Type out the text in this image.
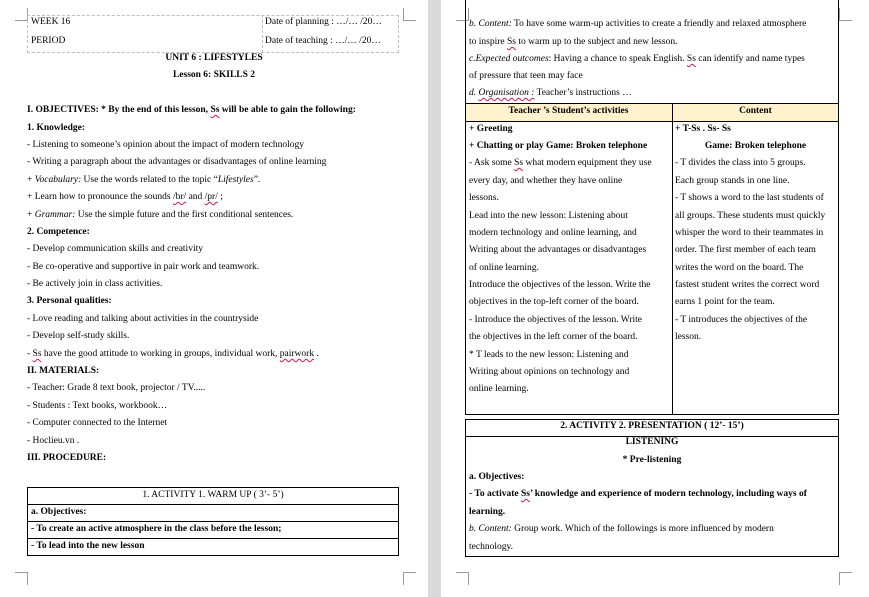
WEEK 16
PERIOD
Date of planning : …/… /20…
Date of teaching : …/… /20…
UNIT 6 : LIFESTYLES
Lesson 6: SKILLS 2
I. OBJECTIVES: * By the end of this lesson, Ss will be able to gain the following:
1. Knowledge:
- Listening to someone’s opinion about the impact of modern technology
- Writing a paragraph about the advantages or disadvantages of online learning
+ Vocabulary: Use the words related to the topic “Lifestyles”.
+ Learn how to pronounce the sounds /br/ and /pr/ ;
+ Grammar: Use the simple future and the first conditional sentences.
2. Competence:
- Develop communication skills and creativity
- Be co-operative and supportive in pair work and teamwork.
- Be actively join in class activities.
3. Personal qualities:
- Love reading and talking about activities in the countryside
- Develop self-study skills.
- Ss have the good attitude to working in groups, individual work, pairwork .
II. MATERIALS:
- Teacher: Grade 8 text book, projector / TV.....
- Students : Text books, workbook…
- Computer connected to the Internet
- Hoclieu.vn .
III. PROCEDURE:
1. ACTIVITY 1. WARM UP ( 3’- 5’)
a. Objectives:
- To create an active atmosphere in the class before the lesson;
- To lead into the new lesson
b. Content: To have some warm-up activities to create a friendly and relaxed atmosphere
to inspire Ss to warm up to the subject and new lesson.
c.Expected outcomes: Having a chance to speak English. Ss can identify and name types
of pressure that teen may face
d. Organisation : Teacher’s instructions …
Teacher ’s Student’s activities	Content
+ Greeting
+ Chatting or play Game: Broken telephone
- Ask some Ss what modern equipment they use
every day, and whether they have online
lessons.
Lead into the new lesson: Listening about
modern technology and online learning, and
Writing about the advantages or disadvantages
of online learning.
Introduce the objectives of the lesson. Write the
objectives in the top-left corner of the board.
- Introduce the objectives of the lesson. Write
the objectives in the left corner of the board.
* T leads to the new lesson: Listening and
Writing about opinions on technology and
online learning.
+ T-Ss . Ss- Ss
Game: Broken telephone
- T divides the class into 5 groups.
Each group stands in one line.
- T shows a word to the last students of
all groups. These students must quickly
whisper the word to their teammates in
order. The first member of each team
writes the word on the board. The
fastest student writes the correct word
earns 1 point for the team.
- T introduces the objectives of the
lesson.
2. ACTIVITY 2. PRESENTATION ( 12’- 15’)
LISTENING
* Pre-listening
a. Objectives:
- To activate Ss’ knowledge and experience of modern technology, including ways of
learning.
b. Content: Group work. Which of the followings is more influenced by modern
technology.
